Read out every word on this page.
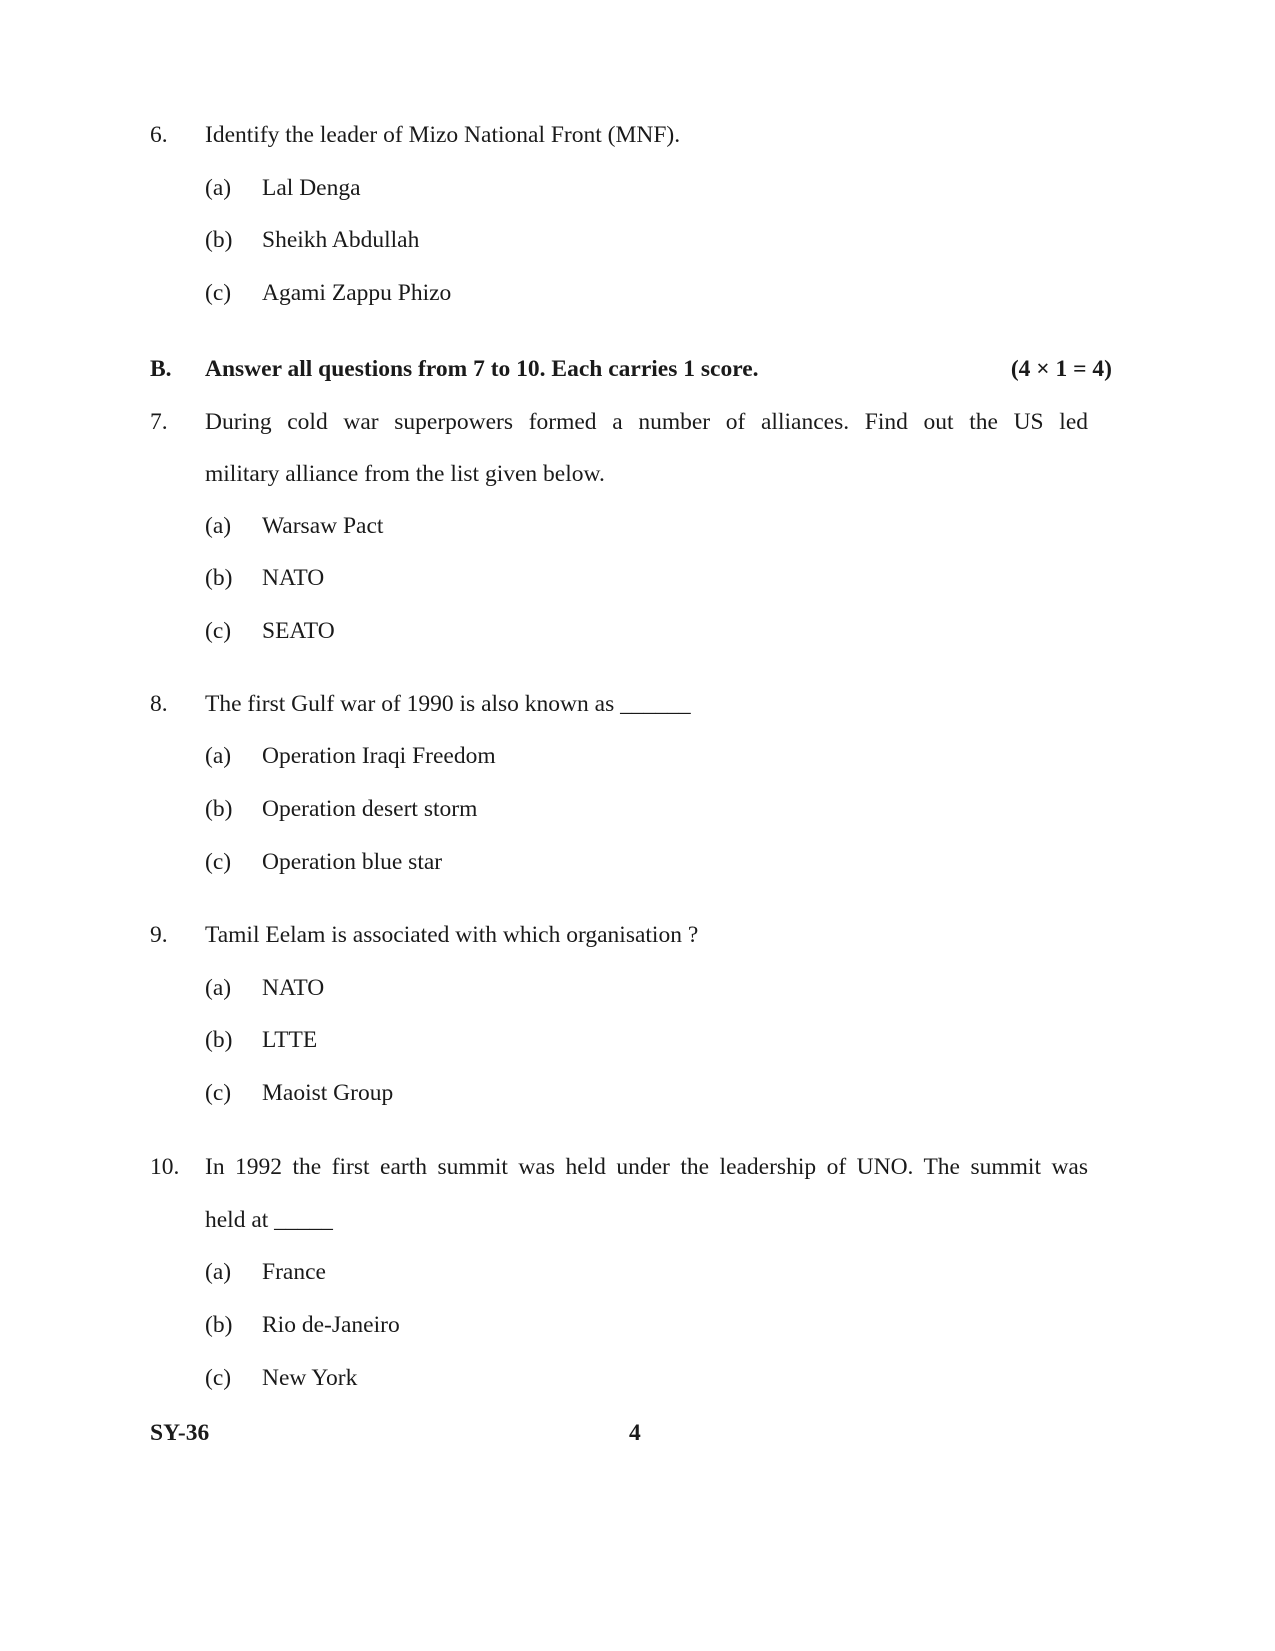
6. Identify the leader of Mizo National Front (MNF).
(a) Lal Denga
(b) Sheikh Abdullah
(c) Agami Zappu Phizo
B. Answer all questions from 7 to 10. Each carries 1 score.	(4 × 1 = 4)
7. During cold war superpowers formed a number of alliances. Find out the US led
military alliance from the list given below.
(a) Warsaw Pact
(b) NATO
(c) SEATO
8. The first Gulf war of 1990 is also known as ______
(a) Operation Iraqi Freedom
(b) Operation desert storm
(c) Operation blue star
9. Tamil Eelam is associated with which organisation ?
(a) NATO
(b) LTTE
(c) Maoist Group
10. In 1992 the first earth summit was held under the leadership of UNO. The summit was
held at _____
(a) France
(b) Rio de-Janeiro
(c) New York
SY-36	4
